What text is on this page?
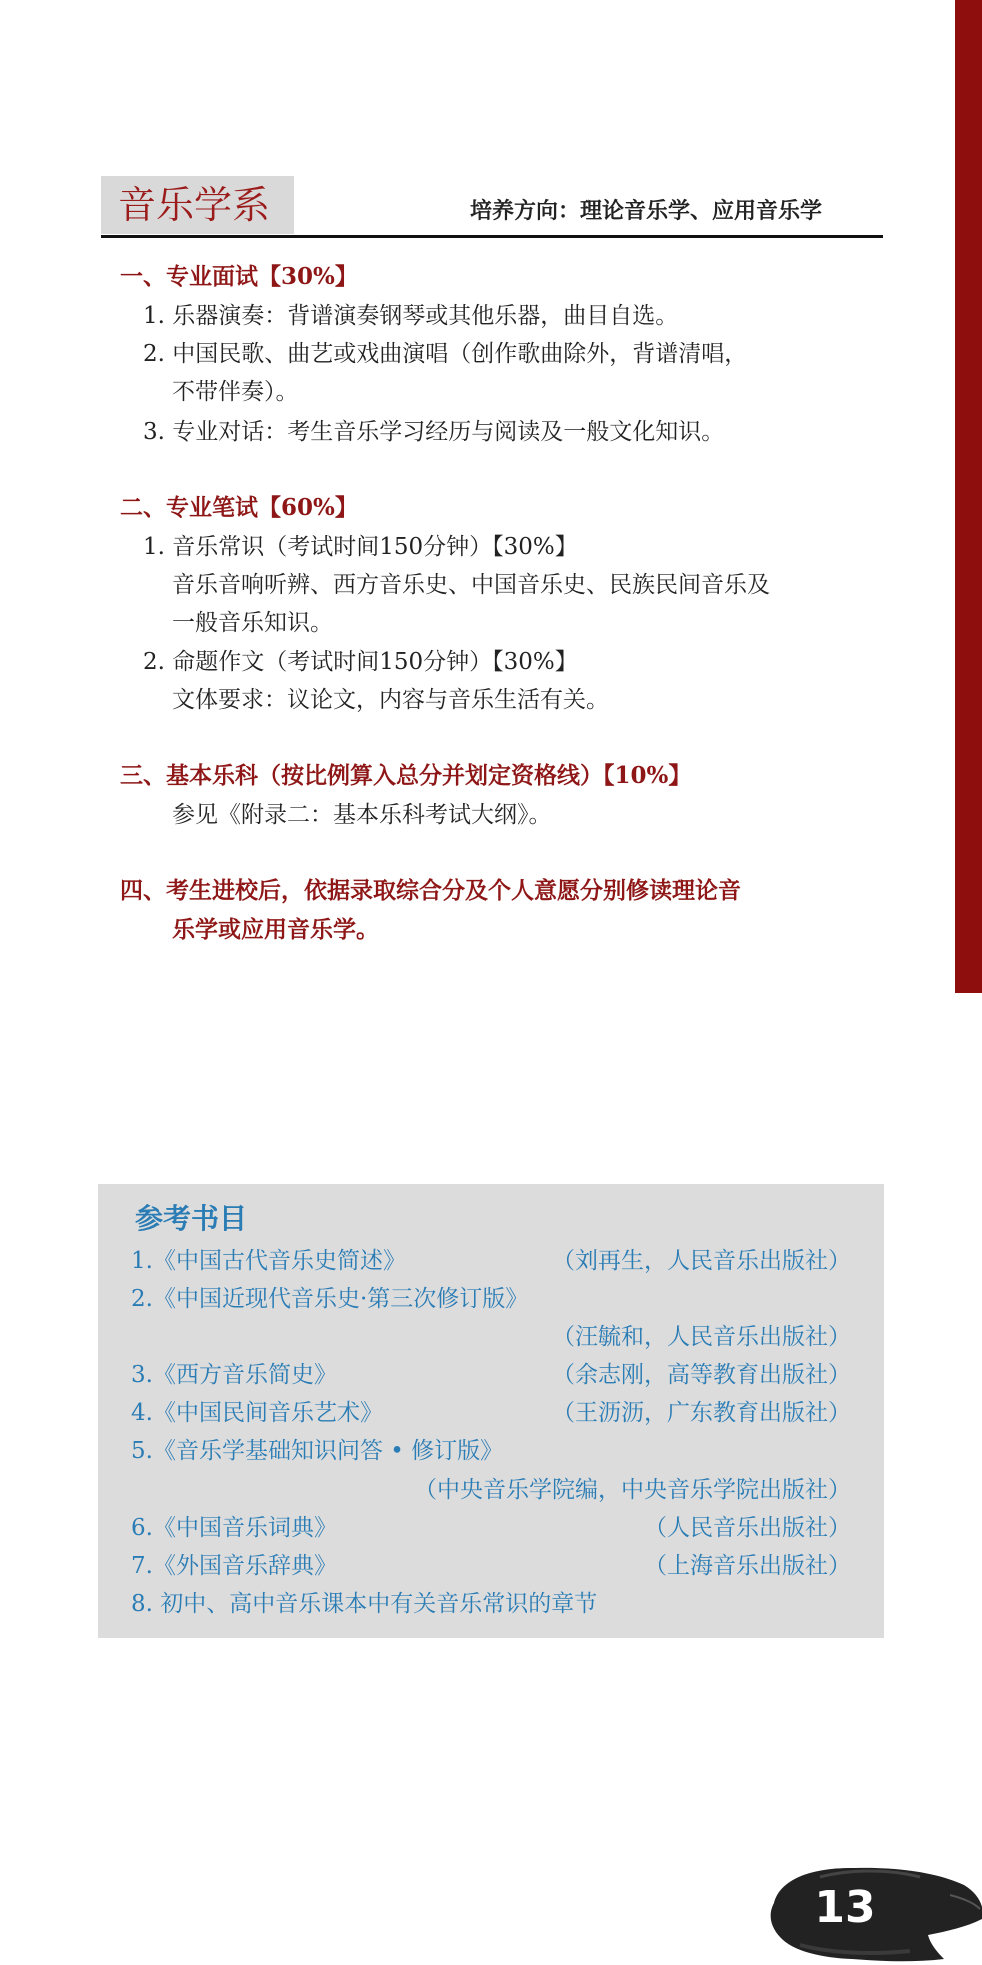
音乐学系	培养方向：理论音乐学、应用音乐学
一、专业面试【30%】
1. 乐器演奏：背谱演奏钢琴或其他乐器，曲目自选。
2. 中国民歌、曲艺或戏曲演唱（创作歌曲除外，背谱清唱，
不带伴奏）。
3. 专业对话：考生音乐学习经历与阅读及一般文化知识。
二、专业笔试【60%】
1. 音乐常识（考试时间150分钟）【30%】
音乐音响听辨、西方音乐史、中国音乐史、民族民间音乐及
一般音乐知识。
2. 命题作文（考试时间150分钟）【30%】
文体要求：议论文，内容与音乐生活有关。
三、基本乐科（按比例算入总分并划定资格线）【10%】
参见《附录二：基本乐科考试大纲》。
四、考生进校后，依据录取综合分及个人意愿分别修读理论音
乐学或应用音乐学。
参考书目
1.《中国古代音乐史简述》	（刘再生，人民音乐出版社）
2.《中国近现代音乐史·第三次修订版》
（汪毓和，人民音乐出版社）
3.《西方音乐简史》	（余志刚，高等教育出版社）
4.《中国民间音乐艺术》	（王沥沥，广东教育出版社）
5.《音乐学基础知识问答 • 修订版》
（中央音乐学院编，中央音乐学院出版社）
6.《中国音乐词典》	（人民音乐出版社）
7.《外国音乐辞典》	（上海音乐出版社）
8. 初中、高中音乐课本中有关音乐常识的章节
13
